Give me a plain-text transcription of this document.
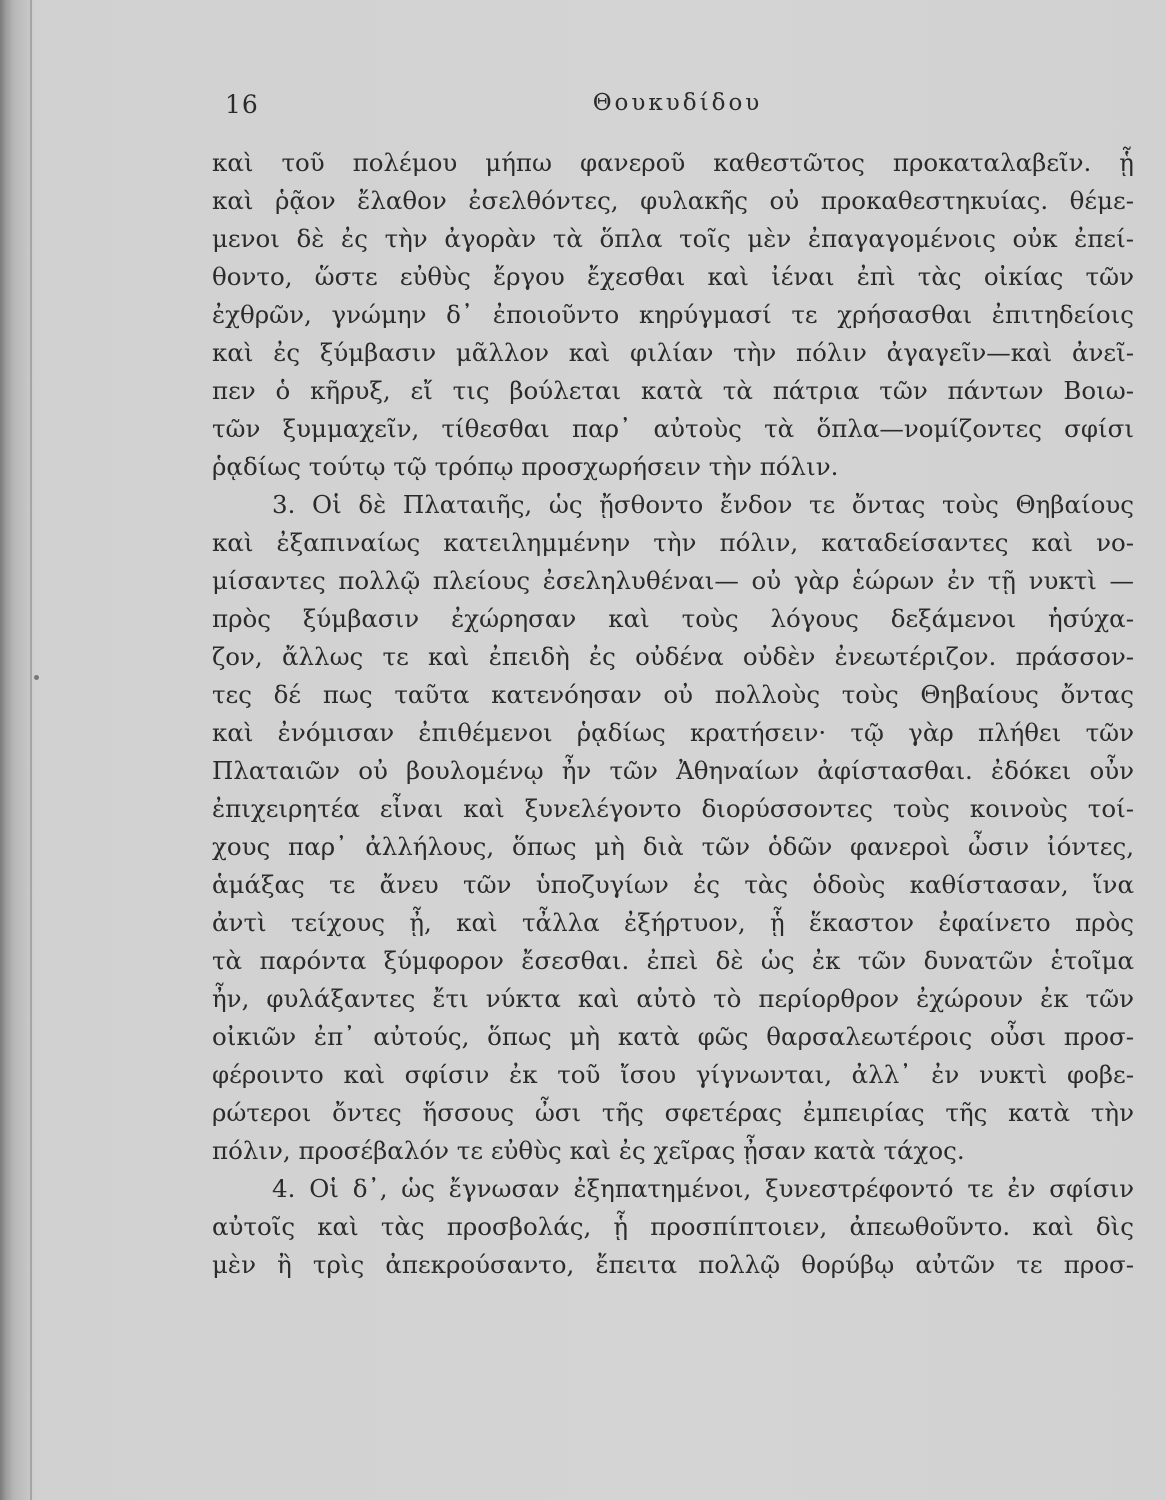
16	Θουκυδίδου
καὶ τοῦ πολέμου μήπω φανεροῦ καθεστῶτος προκαταλαβεῖν. ᾗ
καὶ ῥᾷον ἔλαθον ἐσελθόντες, φυλακῆς οὐ προκαθεστηκυίας. θέμε-
μενοι δὲ ἐς τὴν ἀγορὰν τὰ ὅπλα τοῖς μὲν ἐπαγαγομένοις οὐκ ἐπεί-
θοντο, ὥστε εὐθὺς ἔργου ἔχεσθαι καὶ ἰέναι ἐπὶ τὰς οἰκίας τῶν
ἐχθρῶν, γνώμην δ᾽ ἐποιοῦντο κηρύγμασί τε χρήσασθαι ἐπιτηδείοις
καὶ ἐς ξύμβασιν μᾶλλον καὶ φιλίαν τὴν πόλιν ἀγαγεῖν—καὶ ἀνεῖ-
πεν ὁ κῆρυξ, εἴ τις βούλεται κατὰ τὰ πάτρια τῶν πάντων Βοιω-
τῶν ξυμμαχεῖν, τίθεσθαι παρ᾽ αὐτοὺς τὰ ὅπλα—νομίζοντες σφίσι
ῥᾳδίως τούτῳ τῷ τρόπῳ προσχωρήσειν τὴν πόλιν.
3. Οἱ δὲ Πλαταιῆς, ὡς ᾔσθοντο ἔνδον τε ὄντας τοὺς Θηβαίους
καὶ ἐξαπιναίως κατειλημμένην τὴν πόλιν, καταδείσαντες καὶ νο-
μίσαντες πολλῷ πλείους ἐσεληλυθέναι— οὐ γὰρ ἑώρων ἐν τῇ νυκτὶ —
πρὸς ξύμβασιν ἐχώρησαν καὶ τοὺς λόγους δεξάμενοι ἡσύχα-
ζον, ἄλλως τε καὶ ἐπειδὴ ἐς οὐδένα οὐδὲν ἐνεωτέριζον. πράσσον-
τες δέ πως ταῦτα κατενόησαν οὐ πολλοὺς τοὺς Θηβαίους ὄντας
καὶ ἐνόμισαν ἐπιθέμενοι ῥᾳδίως κρατήσειν· τῷ γὰρ πλήθει τῶν
Πλαταιῶν οὐ βουλομένῳ ἦν τῶν Ἀθηναίων ἀφίστασθαι. ἐδόκει οὖν
ἐπιχειρητέα εἶναι καὶ ξυνελέγοντο διορύσσοντες τοὺς κοινοὺς τοί-
χους παρ᾽ ἀλλήλους, ὅπως μὴ διὰ τῶν ὁδῶν φανεροὶ ὦσιν ἰόντες,
ἁμάξας τε ἄνευ τῶν ὑποζυγίων ἐς τὰς ὁδοὺς καθίστασαν, ἵνα
ἀντὶ τείχους ᾖ, καὶ τἆλλα ἐξήρτυον, ᾗ ἕκαστον ἐφαίνετο πρὸς
τὰ παρόντα ξύμφορον ἔσεσθαι. ἐπεὶ δὲ ὡς ἐκ τῶν δυνατῶν ἑτοῖμα
ἦν, φυλάξαντες ἔτι νύκτα καὶ αὐτὸ τὸ περίορθρον ἐχώρουν ἐκ τῶν
οἰκιῶν ἐπ᾽ αὐτούς, ὅπως μὴ κατὰ φῶς θαρσαλεωτέροις οὖσι προσ-
φέροιντο καὶ σφίσιν ἐκ τοῦ ἴσου γίγνωνται, ἀλλ᾽ ἐν νυκτὶ φοβε-
ρώτεροι ὄντες ἥσσους ὦσι τῆς σφετέρας ἐμπειρίας τῆς κατὰ τὴν
πόλιν, προσέβαλόν τε εὐθὺς καὶ ἐς χεῖρας ᾖσαν κατὰ τάχος.
4. Οἱ δ᾽, ὡς ἔγνωσαν ἐξηπατημένοι, ξυνεστρέφοντό τε ἐν σφίσιν
αὐτοῖς καὶ τὰς προσβολάς, ᾗ προσπίπτοιεν, ἀπεωθοῦντο. καὶ δὶς
μὲν ἢ τρὶς ἀπεκρούσαντο, ἔπειτα πολλῷ θορύβῳ αὐτῶν τε προσ-
